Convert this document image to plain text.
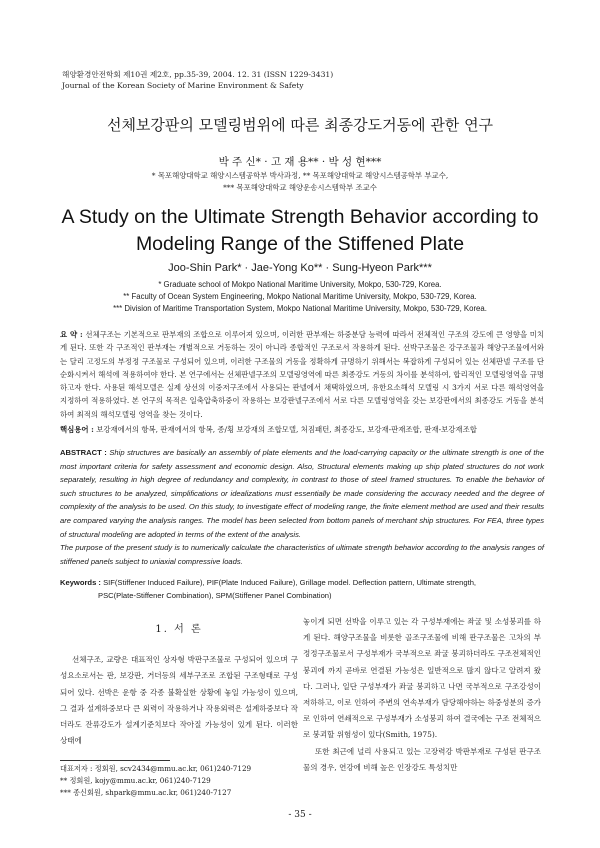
해양환경안전학회 제10권 제2호, pp.35-39, 2004. 12. 31 (ISSN 1229-3431)
Journal of the Korean Society of Marine Environment & Safety
선체보강판의 모델링범위에 따른 최종강도거동에 관한 연구
박 주 신* · 고 재 용** · 박 성 현***
* 목포해양대학교 해양시스템공학부 박사과정, ** 목포해양대학교 해양시스템공학부 부교수,
*** 목포해양대학교 해양운송시스템학부 조교수
A Study on the Ultimate Strength Behavior according to
Modeling Range of the Stiffened Plate
Joo-Shin Park* · Jae-Yong Ko** · Sung-Hyeon Park***
* Graduate school of Mokpo National Maritime University, Mokpo, 530-729, Korea.
** Faculty of Ocean System Engineering, Mokpo National Maritime University, Mokpo, 530-729, Korea.
*** Division of Maritime Transportation System, Mokpo National Maritime University, Mokpo, 530-729, Korea.
요 약 : 선체구조는 기본적으로 판부재의 조합으로 이루어져 있으며, 이러한 판부재는 하중분담 능력에 따라서 전체적인 구조의 강도에 큰 영향을 미치게 된다. 또한 각 구조적인 판부재는 개별적으로 거동하는 것이 아니라 종합적인 구조로서 작용하게 된다. 선박구조물은 강구조물과 해양구조물에서와는 달리 고정도의 부정정 구조물로 구성되어 있으며, 이러한 구조물의 거동을 정확하게 규명하기 위해서는 복잡하게 구성되어 있는 선체판넬 구조를 단순화시켜서 해석에 적용하여야 한다. 본 연구에서는 선체판넬구조의 모델링영역에 따른 최종강도 거동의 차이를 분석하여, 합리적인 모델링영역을 규명하고자 한다. 사용된 해석모델은 실제 상선의 이중저구조에서 사용되는 판넬에서 채택하였으며, 유한요소해석 모델링 시 3가지 서로 다른 해석영역을 지정하여 적용하였다. 본 연구의 목적은 일축압축하중이 작용하는 보강판넬구조에서 서로 다른 모델링영역을 갖는 보강판에서의 최종강도 거동을 분석하여 최적의 해석모델링 영역을 찾는 것이다.
핵심용어 : 보강재에서의 항복, 판재에서의 항복, 종/횡 보강재의 조합모델, 처짐패턴, 최종강도, 보강재-판재조합, 판재-보강재조합

ABSTRACT : Ship structures are basically an assembly of plate elements and the load-carrying capacity or the ultimate strength is one of the most important criteria for safety assessment and economic design. Also, Structural elements making up ship plated structures do not work separately, resulting in high degree of redundancy and complexity, in contrast to those of steel framed structures. To enable the behavior of such structures to be analyzed, simplifications or idealizations must essentially be made considering the accuracy needed and the degree of complexity of the analysis to be used. On this study, to investigate effect of modeling range, the finite element method are used and their results are compared varying the analysis ranges. The model has been selected from bottom panels of merchant ship structures. For FEA, three types of structural modeling are adopted in terms of the extent of the analysis.

The purpose of the present study is to numerically calculate the characteristics of ultimate strength behavior according to the analysis ranges of stiffened panels subject to uniaxial compressive loads.

Keywords : SIF(Stiffener Induced Failure), PIF(Plate Induced Failure), Grillage model. Deflection pattern, Ultimate strength,
PSC(Plate-Stiffener Combination), SPM(Stiffener Panel Combination)
1. 서 론

선체구조, 교량은 대표적인 상자형 박판구조물로 구성되어 있으며 구성요소로서는 판, 보강판, 거더등의 세부구조로 조합된 구조형태로 구성되어 있다. 선박은 운항 중 각종 불확실한 상황에 놓일 가능성이 있으며, 그 결과 설계하중보다 큰 외력이 작용하거나 작용외력은 설계하중보다 작더라도 잔류강도가 설계기준치보다 작아질 가능성이 있게 된다. 이러한 상태에

놓이게 되면 선박을 이루고 있는 각 구성부재에는 좌굴 및 소성붕괴를 하게 된다. 해양구조물을 비롯한 골조구조물에 비해 판구조물은 고차의 부정정구조물로서 구성부재가 국부적으로 좌굴 붕괴하더라도 구조전체적인 붕괴에 까지 곧바로 연결된 가능성은 일반적으로 많지 않다고 알려져 왔다. 그러나, 일단 구성부재가 좌굴 붕괴하고 나면 국부적으로 구조강성이 저하하고, 이로 인하여 주변의 연속부재가 담당해야하는 하중성분의 증가로 인하여 연쇄적으로 구성부재가 소성붕괴 하여 결국에는 구조 전체적으로 붕괴할 위험성이 있다(Smith, 1975).

또한 최근에 널리 사용되고 있는 고장력강 박판부재로 구성된 판구조물의 경우, 연강에 비해 높은 인장강도 특성치만

대표저자 : 정회원, scv2434@mmu.ac.kr, 061)240-7129
** 정회원, kojy@mmu.ac.kr, 061)240-7129
*** 종신회원, shpark@mmu.ac.kr, 061)240-7127
- 35 -
